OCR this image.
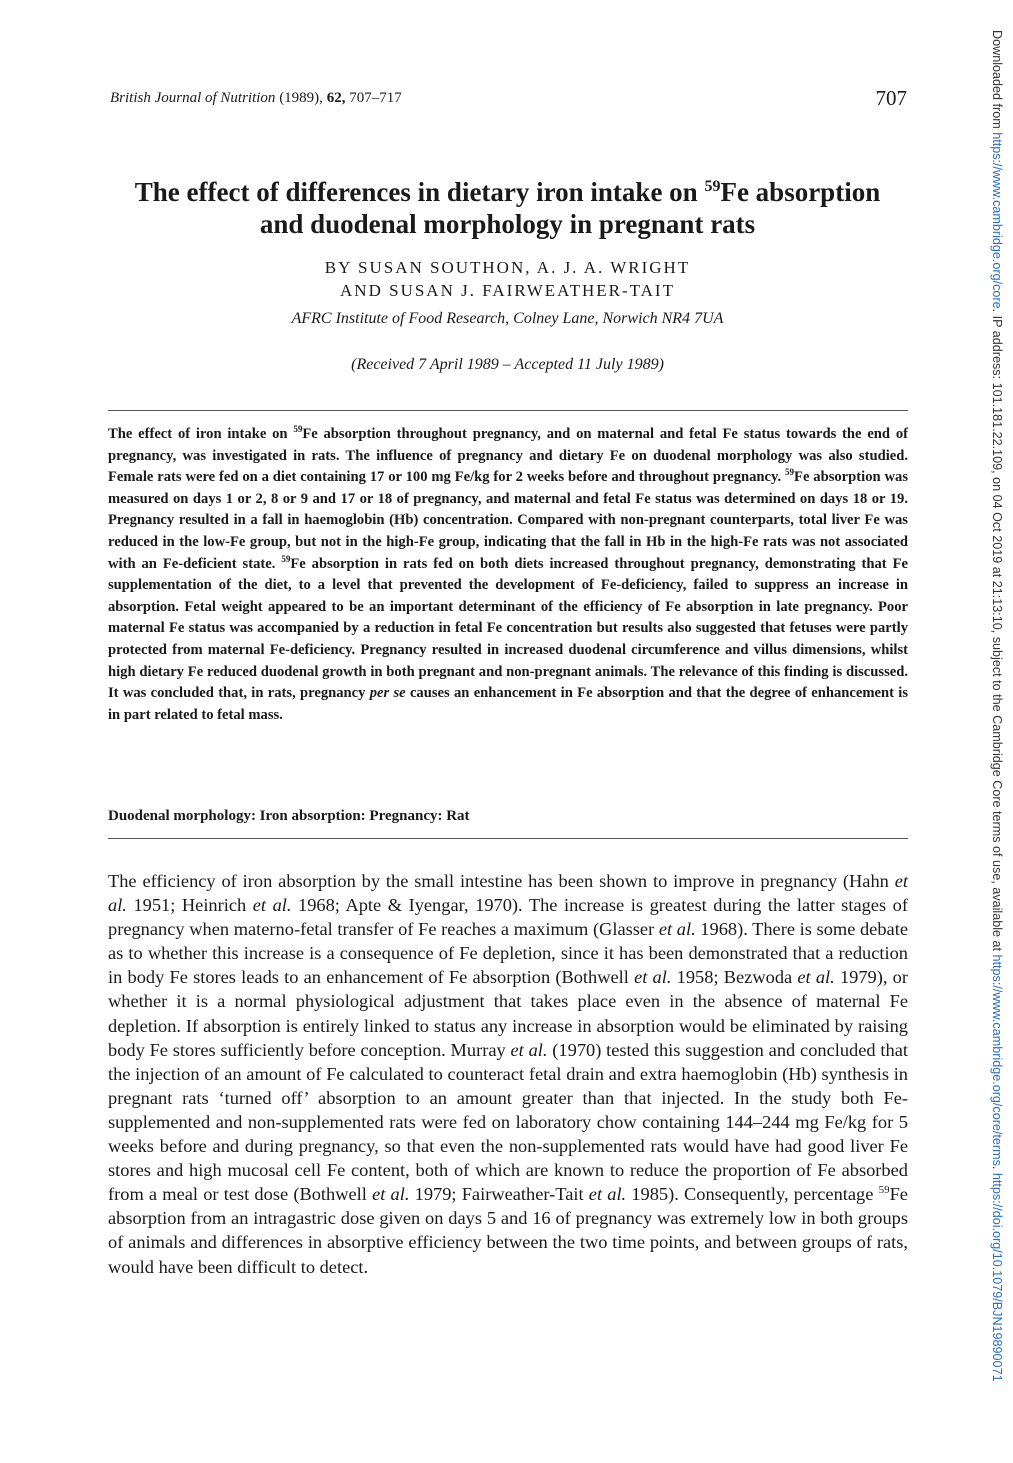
British Journal of Nutrition (1989), 62, 707–717	707
The effect of differences in dietary iron intake on $^{59}$Fe absorption
and duodenal morphology in pregnant rats
BY SUSAN SOUTHON, A. J. A. WRIGHT
AND SUSAN J. FAIRWEATHER-TAIT
AFRC Institute of Food Research, Colney Lane, Norwich NR4 7UA
(Received 7 April 1989 – Accepted 11 July 1989)
The effect of iron intake on $^{59}$Fe absorption throughout pregnancy, and on maternal and fetal Fe status towards the end of pregnancy, was investigated in rats. The influence of pregnancy and dietary Fe on duodenal morphology was also studied. Female rats were fed on a diet containing 17 or 100 mg Fe/kg for 2 weeks before and throughout pregnancy. $^{59}$Fe absorption was measured on days 1 or 2, 8 or 9 and 17 or 18 of pregnancy, and maternal and fetal Fe status was determined on days 18 or 19. Pregnancy resulted in a fall in haemoglobin (Hb) concentration. Compared with non-pregnant counterparts, total liver Fe was reduced in the low-Fe group, but not in the high-Fe group, indicating that the fall in Hb in the high-Fe rats was not associated with an Fe-deficient state. $^{59}$Fe absorption in rats fed on both diets increased throughout pregnancy, demonstrating that Fe supplementation of the diet, to a level that prevented the development of Fe-deficiency, failed to suppress an increase in absorption. Fetal weight appeared to be an important determinant of the efficiency of Fe absorption in late pregnancy. Poor maternal Fe status was accompanied by a reduction in fetal Fe concentration but results also suggested that fetuses were partly protected from maternal Fe-deficiency. Pregnancy resulted in increased duodenal circumference and villus dimensions, whilst high dietary Fe reduced duodenal growth in both pregnant and non-pregnant animals. The relevance of this finding is discussed. It was concluded that, in rats, pregnancy per se causes an enhancement in Fe absorption and that the degree of enhancement is in part related to fetal mass.
Duodenal morphology: Iron absorption: Pregnancy: Rat
The efficiency of iron absorption by the small intestine has been shown to improve in pregnancy (Hahn et al. 1951; Heinrich et al. 1968; Apte & Iyengar, 1970). The increase is greatest during the latter stages of pregnancy when materno-fetal transfer of Fe reaches a maximum (Glasser et al. 1968). There is some debate as to whether this increase is a consequence of Fe depletion, since it has been demonstrated that a reduction in body Fe stores leads to an enhancement of Fe absorption (Bothwell et al. 1958; Bezwoda et al. 1979), or whether it is a normal physiological adjustment that takes place even in the absence of maternal Fe depletion. If absorption is entirely linked to status any increase in absorption would be eliminated by raising body Fe stores sufficiently before conception. Murray et al. (1970) tested this suggestion and concluded that the injection of an amount of Fe calculated to counteract fetal drain and extra haemoglobin (Hb) synthesis in pregnant rats ‘turned off’ absorption to an amount greater than that injected. In the study both Fe-supplemented and non-supplemented rats were fed on laboratory chow containing 144–244 mg Fe/kg for 5 weeks before and during pregnancy, so that even the non-supplemented rats would have had good liver Fe stores and high mucosal cell Fe content, both of which are known to reduce the proportion of Fe absorbed from a meal or test dose (Bothwell et al. 1979; Fairweather-Tait et al. 1985). Consequently, percentage $^{59}$Fe absorption from an intragastric dose given on days 5 and 16 of pregnancy was extremely low in both groups of animals and differences in absorptive efficiency between the two time points, and between groups of rats, would have been difficult to detect.
Downloaded from https://www.cambridge.org/core. IP address: 101.181.22.109, on 04 Oct 2019 at 21:13:10, subject to the Cambridge Core terms of use, available at https://www.cambridge.org/core/terms. https://doi.org/10.1079/BJN19890071
